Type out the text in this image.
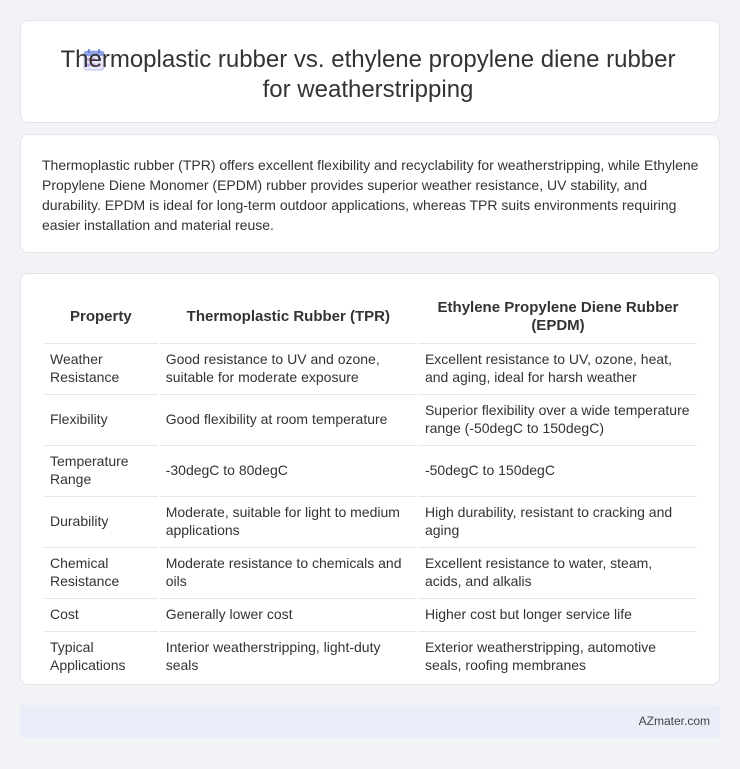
Thermoplastic rubber vs. ethylene propylene diene rubber for weatherstripping

Thermoplastic rubber (TPR) offers excellent flexibility and recyclability for weatherstripping, while Ethylene Propylene Diene Monomer (EPDM) rubber provides superior weather resistance, UV stability, and durability. EPDM is ideal for long-term outdoor applications, whereas TPR suits environments requiring easier installation and material reuse.

Property	Thermoplastic Rubber (TPR)	Ethylene Propylene Diene Rubber (EPDM)
Weather Resistance	Good resistance to UV and ozone, suitable for moderate exposure	Excellent resistance to UV, ozone, heat, and aging, ideal for harsh weather
Flexibility	Good flexibility at room temperature	Superior flexibility over a wide temperature range (-50degC to 150degC)
Temperature Range	-30degC to 80degC	-50degC to 150degC
Durability	Moderate, suitable for light to medium applications	High durability, resistant to cracking and aging
Chemical Resistance	Moderate resistance to chemicals and oils	Excellent resistance to water, steam, acids, and alkalis
Cost	Generally lower cost	Higher cost but longer service life
Typical Applications	Interior weatherstripping, light-duty seals	Exterior weatherstripping, automotive seals, roofing membranes
AZmater.com
